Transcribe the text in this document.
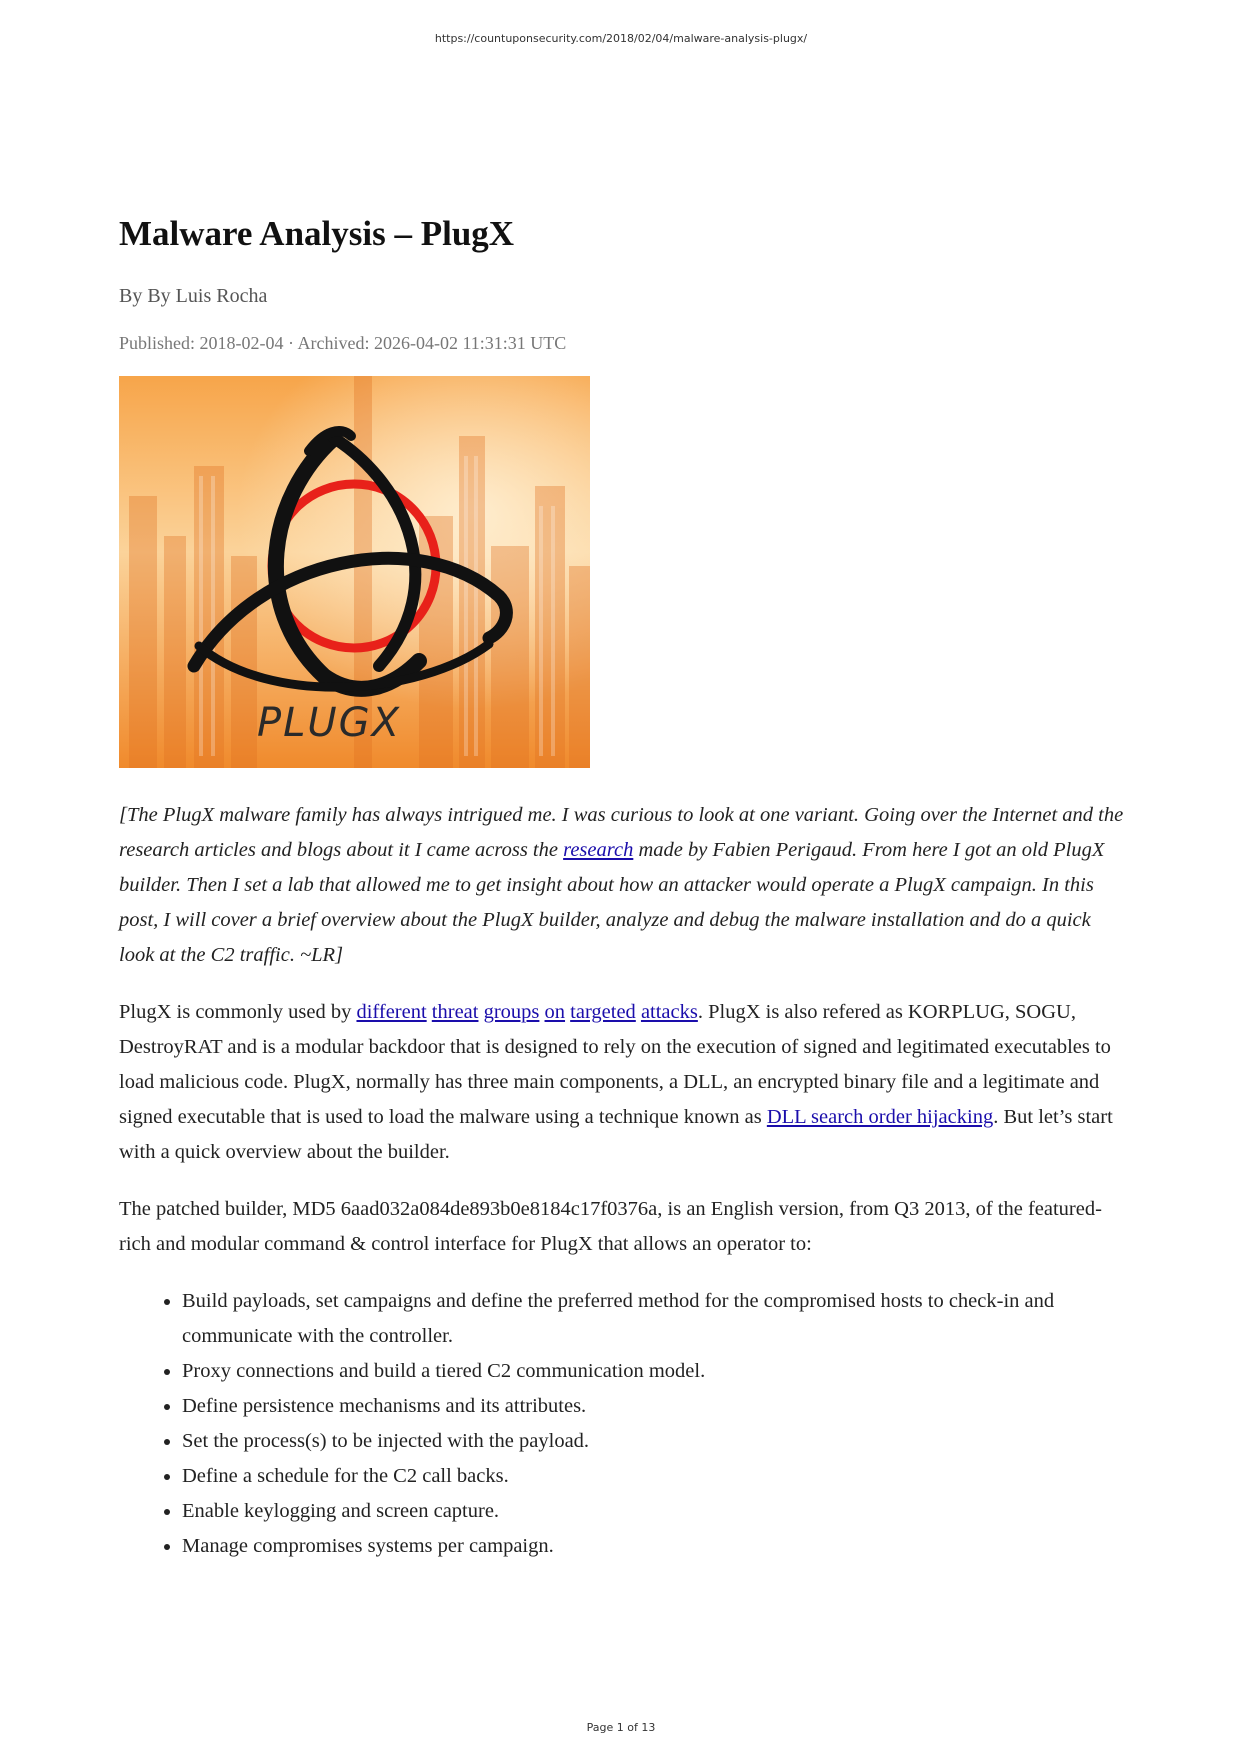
https://countuponsecurity.com/2018/02/04/malware-analysis-plugx/
Malware Analysis – PlugX
By By Luis Rocha
Published: 2018-02-04 · Archived: 2026-04-02 11:31:31 UTC
PLUGX

[The PlugX malware family has always intrigued me. I was curious to look at one variant. Going over the Internet and the research articles and blogs about it I came across the research made by Fabien Perigaud. From here I got an old PlugX builder. Then I set a lab that allowed me to get insight about how an attacker would operate a PlugX campaign. In this post, I will cover a brief overview about the PlugX builder, analyze and debug the malware installation and do a quick look at the C2 traffic. ~LR]

PlugX is commonly used by different threat groups on targeted attacks. PlugX is also refered as KORPLUG, SOGU, DestroyRAT and is a modular backdoor that is designed to rely on the execution of signed and legitimated executables to load malicious code. PlugX, normally has three main components, a DLL, an encrypted binary file and a legitimate and signed executable that is used to load the malware using a technique known as DLL search order hijacking. But let’s start with a quick overview about the builder.

The patched builder, MD5 6aad032a084de893b0e8184c17f0376a, is an English version, from Q3 2013, of the featured-rich and modular command & control interface for PlugX that allows an operator to:

• Build payloads, set campaigns and define the preferred method for the compromised hosts to check-in and communicate with the controller.
• Proxy connections and build a tiered C2 communication model.
• Define persistence mechanisms and its attributes.
• Set the process(s) to be injected with the payload.
• Define a schedule for the C2 call backs.
• Enable keylogging and screen capture.
• Manage compromises systems per campaign.
Page 1 of 13
